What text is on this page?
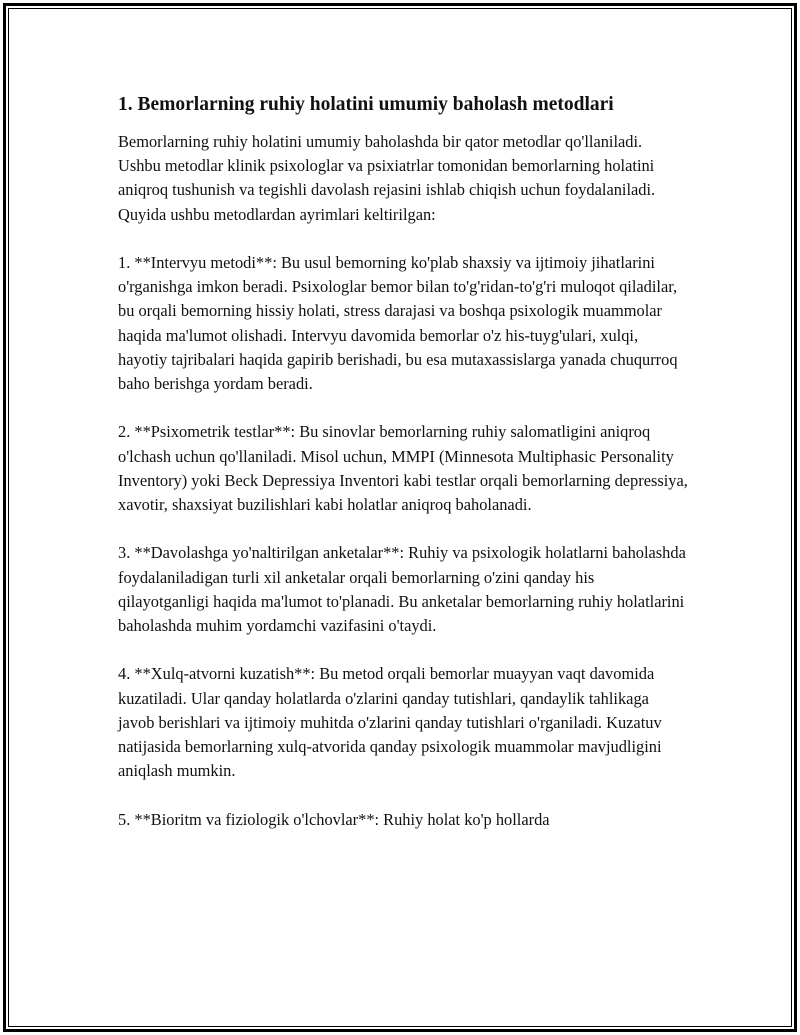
1. Bemorlarning ruhiy holatini umumiy baholash metodlari

Bemorlarning ruhiy holatini umumiy baholashda bir qator metodlar qo'llaniladi. Ushbu metodlar klinik psixologlar va psixiatrlar tomonidan bemorlarning holatini aniqroq tushunish va tegishli davolash rejasini ishlab chiqish uchun foydalaniladi. Quyida ushbu metodlardan ayrimlari keltirilgan:

1. **Intervyu metodi**: Bu usul bemorning ko'plab shaxsiy va ijtimoiy jihatlarini o'rganishga imkon beradi. Psixologlar bemor bilan to'g'ridan-to'g'ri muloqot qiladilar, bu orqali bemorning hissiy holati, stress darajasi va boshqa psixologik muammolar haqida ma'lumot olishadi. Intervyu davomida bemorlar o'z his-tuyg'ulari, xulqi, hayotiy tajribalari haqida gapirib berishadi, bu esa mutaxassislarga yanada chuqurroq baho berishga yordam beradi.

2. **Psixometrik testlar**: Bu sinovlar bemorlarning ruhiy salomatligini aniqroq o'lchash uchun qo'llaniladi. Misol uchun, MMPI (Minnesota Multiphasic Personality Inventory) yoki Beck Depressiya Inventori kabi testlar orqali bemorlarning depressiya, xavotir, shaxsiyat buzilishlari kabi holatlar aniqroq baholanadi.

3. **Davolashga yo'naltirilgan anketalar**: Ruhiy va psixologik holatlarni baholashda foydalaniladigan turli xil anketalar orqali bemorlarning o'zini qanday his qilayotganligi haqida ma'lumot to'planadi. Bu anketalar bemorlarning ruhiy holatlarini baholashda muhim yordamchi vazifasini o'taydi.

4. **Xulq-atvorni kuzatish**: Bu metod orqali bemorlar muayyan vaqt davomida kuzatiladi. Ular qanday holatlarda o'zlarini qanday tutishlari, qandaylik tahlikaga javob berishlari va ijtimoiy muhitda o'zlarini qanday tutishlari o'rganiladi. Kuzatuv natijasida bemorlarning xulq-atvorida qanday psixologik muammolar mavjudligini aniqlash mumkin.

5. **Bioritm va fiziologik o'lchovlar**: Ruhiy holat ko'p hollarda
